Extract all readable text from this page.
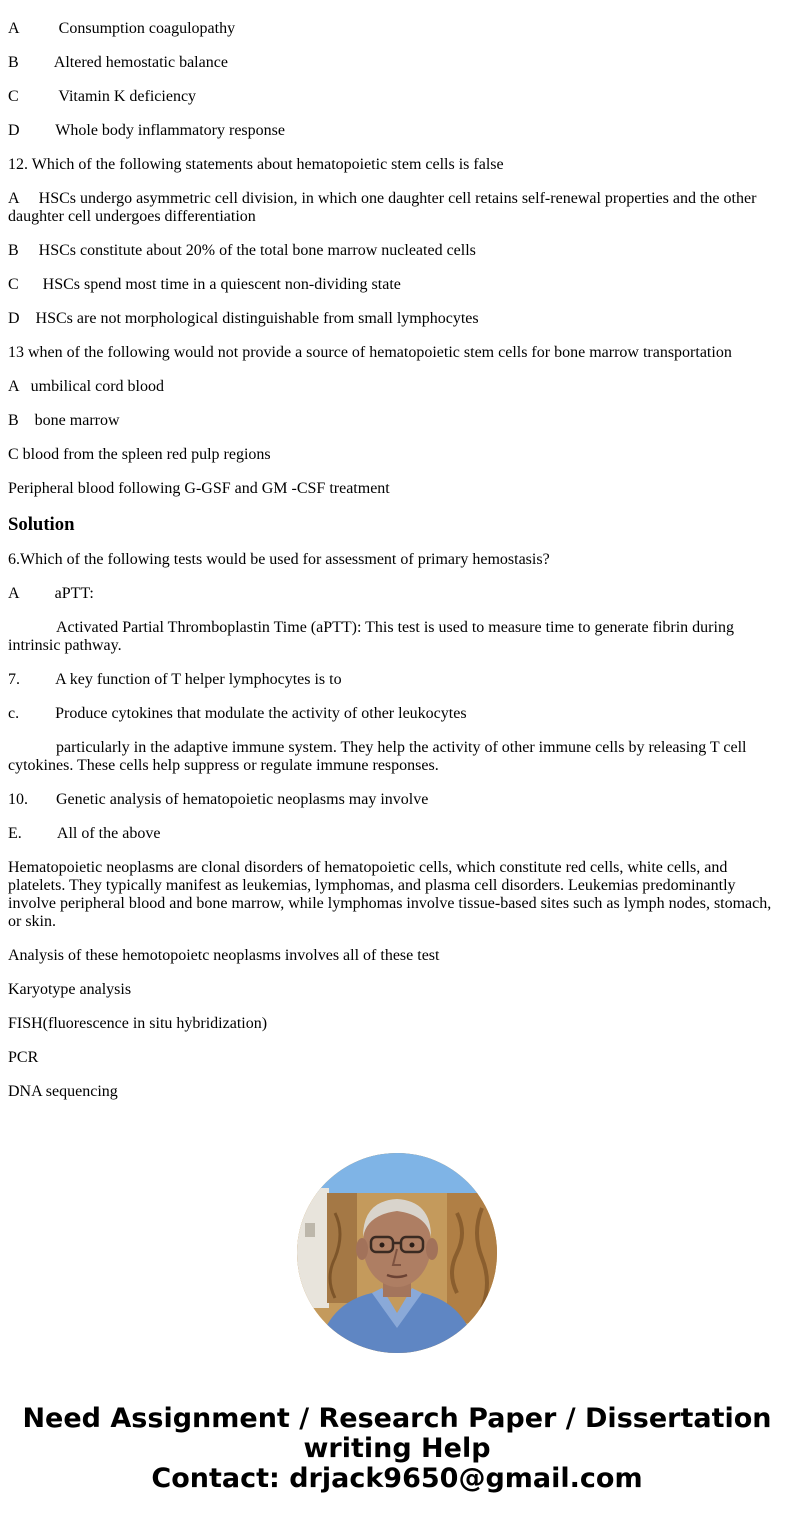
A          Consumption coagulopathy
B         Altered hemostatic balance
C          Vitamin K deficiency
D         Whole body inflammatory response
12. Which of the following statements about hematopoietic stem cells is false
A     HSCs undergo asymmetric cell division, in which one daughter cell retains self-renewal properties and the other daughter cell undergoes differentiation
B     HSCs constitute about 20% of the total bone marrow nucleated cells
C      HSCs spend most time in a quiescent non-dividing state
D    HSCs are not morphological distinguishable from small lymphocytes
13 when of the following would not provide a source of hematopoietic stem cells for bone marrow transportation
A   umbilical cord blood
B    bone marrow
C blood from the spleen red pulp regions
Peripheral blood following G-GSF and GM -CSF treatment
Solution
6.Which of the following tests would be used for assessment of primary hemostasis?
A         aPTT:
Activated Partial Thromboplastin Time (aPTT): This test is used to measure time to generate fibrin during intrinsic pathway.
7.         A key function of T helper lymphocytes is to
c.         Produce cytokines that modulate the activity of other leukocytes
particularly in the adaptive immune system. They help the activity of other immune cells by releasing T cell cytokines. These cells help suppress or regulate immune responses.
10.       Genetic analysis of hematopoietic neoplasms may involve
E.         All of the above
Hematopoietic neoplasms are clonal disorders of hematopoietic cells, which constitute red cells, white cells, and platelets. They typically manifest as leukemias, lymphomas, and plasma cell disorders. Leukemias predominantly involve peripheral blood and bone marrow, while lymphomas involve tissue-based sites such as lymph nodes, stomach, or skin.
Analysis of these hemotopoietc neoplasms involves all of these test
Karyotype analysis
FISH(fluorescence in situ hybridization)
PCR
DNA sequencing
Need Assignment / Research Paper / Dissertation
writing Help
Contact: drjack9650@gmail.com
